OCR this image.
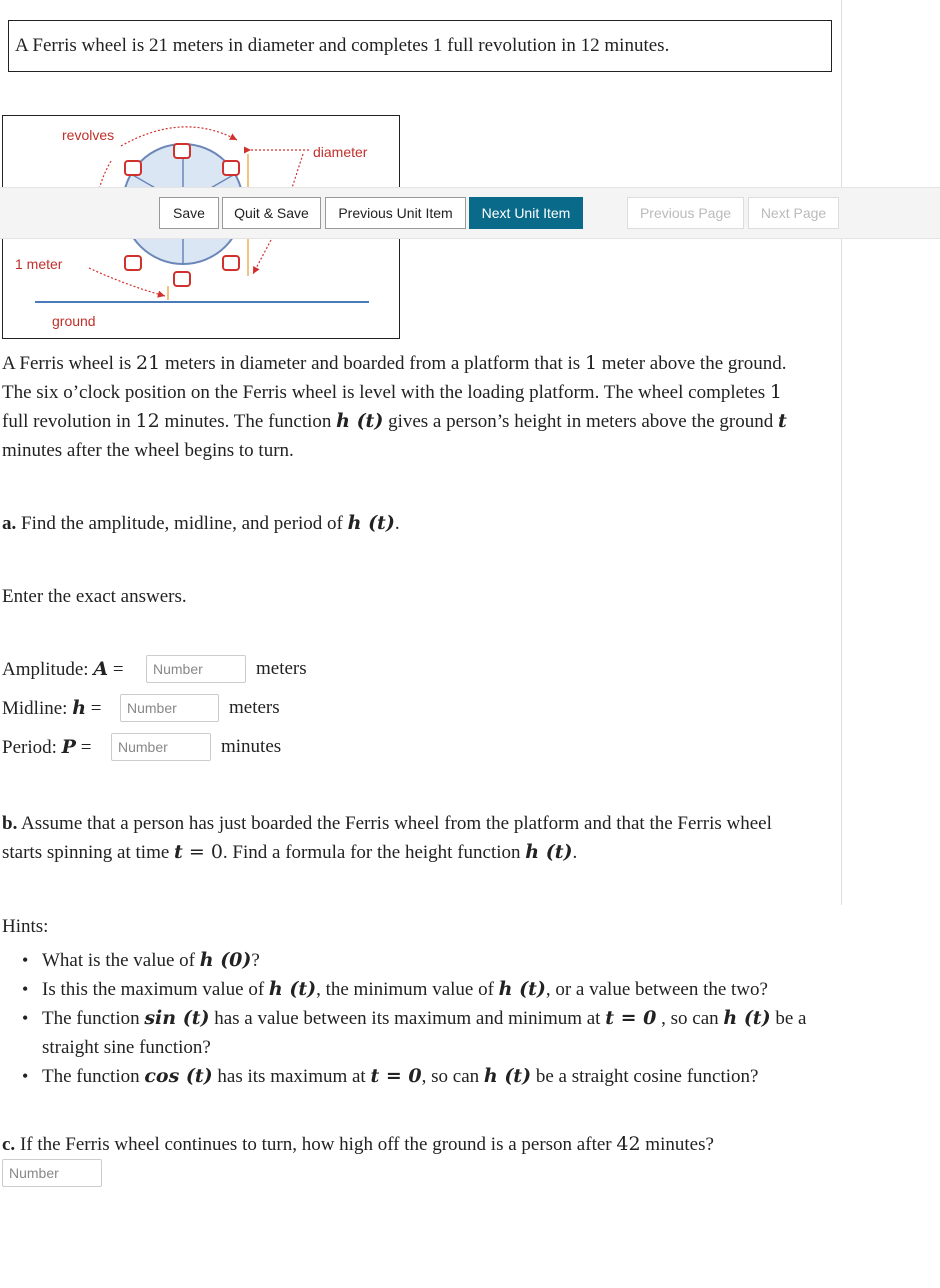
A Ferris wheel is 21 meters in diameter and completes 1 full revolution in 12 minutes.
revolves
diameter
1 meter
ground
Save	Quit & Save	Previous Unit Item	Next Unit Item	Previous Page	Next Page
A Ferris wheel is 21 meters in diameter and boarded from a platform that is 1 meter above the ground.
The six o’clock position on the Ferris wheel is level with the loading platform. The wheel completes 1
full revolution in 12 minutes. The function h (t) gives a person’s height in meters above the ground t
minutes after the wheel begins to turn.
a. Find the amplitude, midline, and period of h (t).
Enter the exact answers.
Amplitude: A =	Number	meters
Midline: h =	Number	meters
Period: P =	Number	minutes
b. Assume that a person has just boarded the Ferris wheel from the platform and that the Ferris wheel
starts spinning at time t = 0. Find a formula for the height function h (t).
Hints:
• What is the value of h (0)?
• Is this the maximum value of h (t), the minimum value of h (t), or a value between the two?
• The function sin (t) has a value between its maximum and minimum at t = 0 , so can h (t) be a
straight sine function?
• The function cos (t) has its maximum at t = 0, so can h (t) be a straight cosine function?
c. If the Ferris wheel continues to turn, how high off the ground is a person after 42 minutes?
Number
